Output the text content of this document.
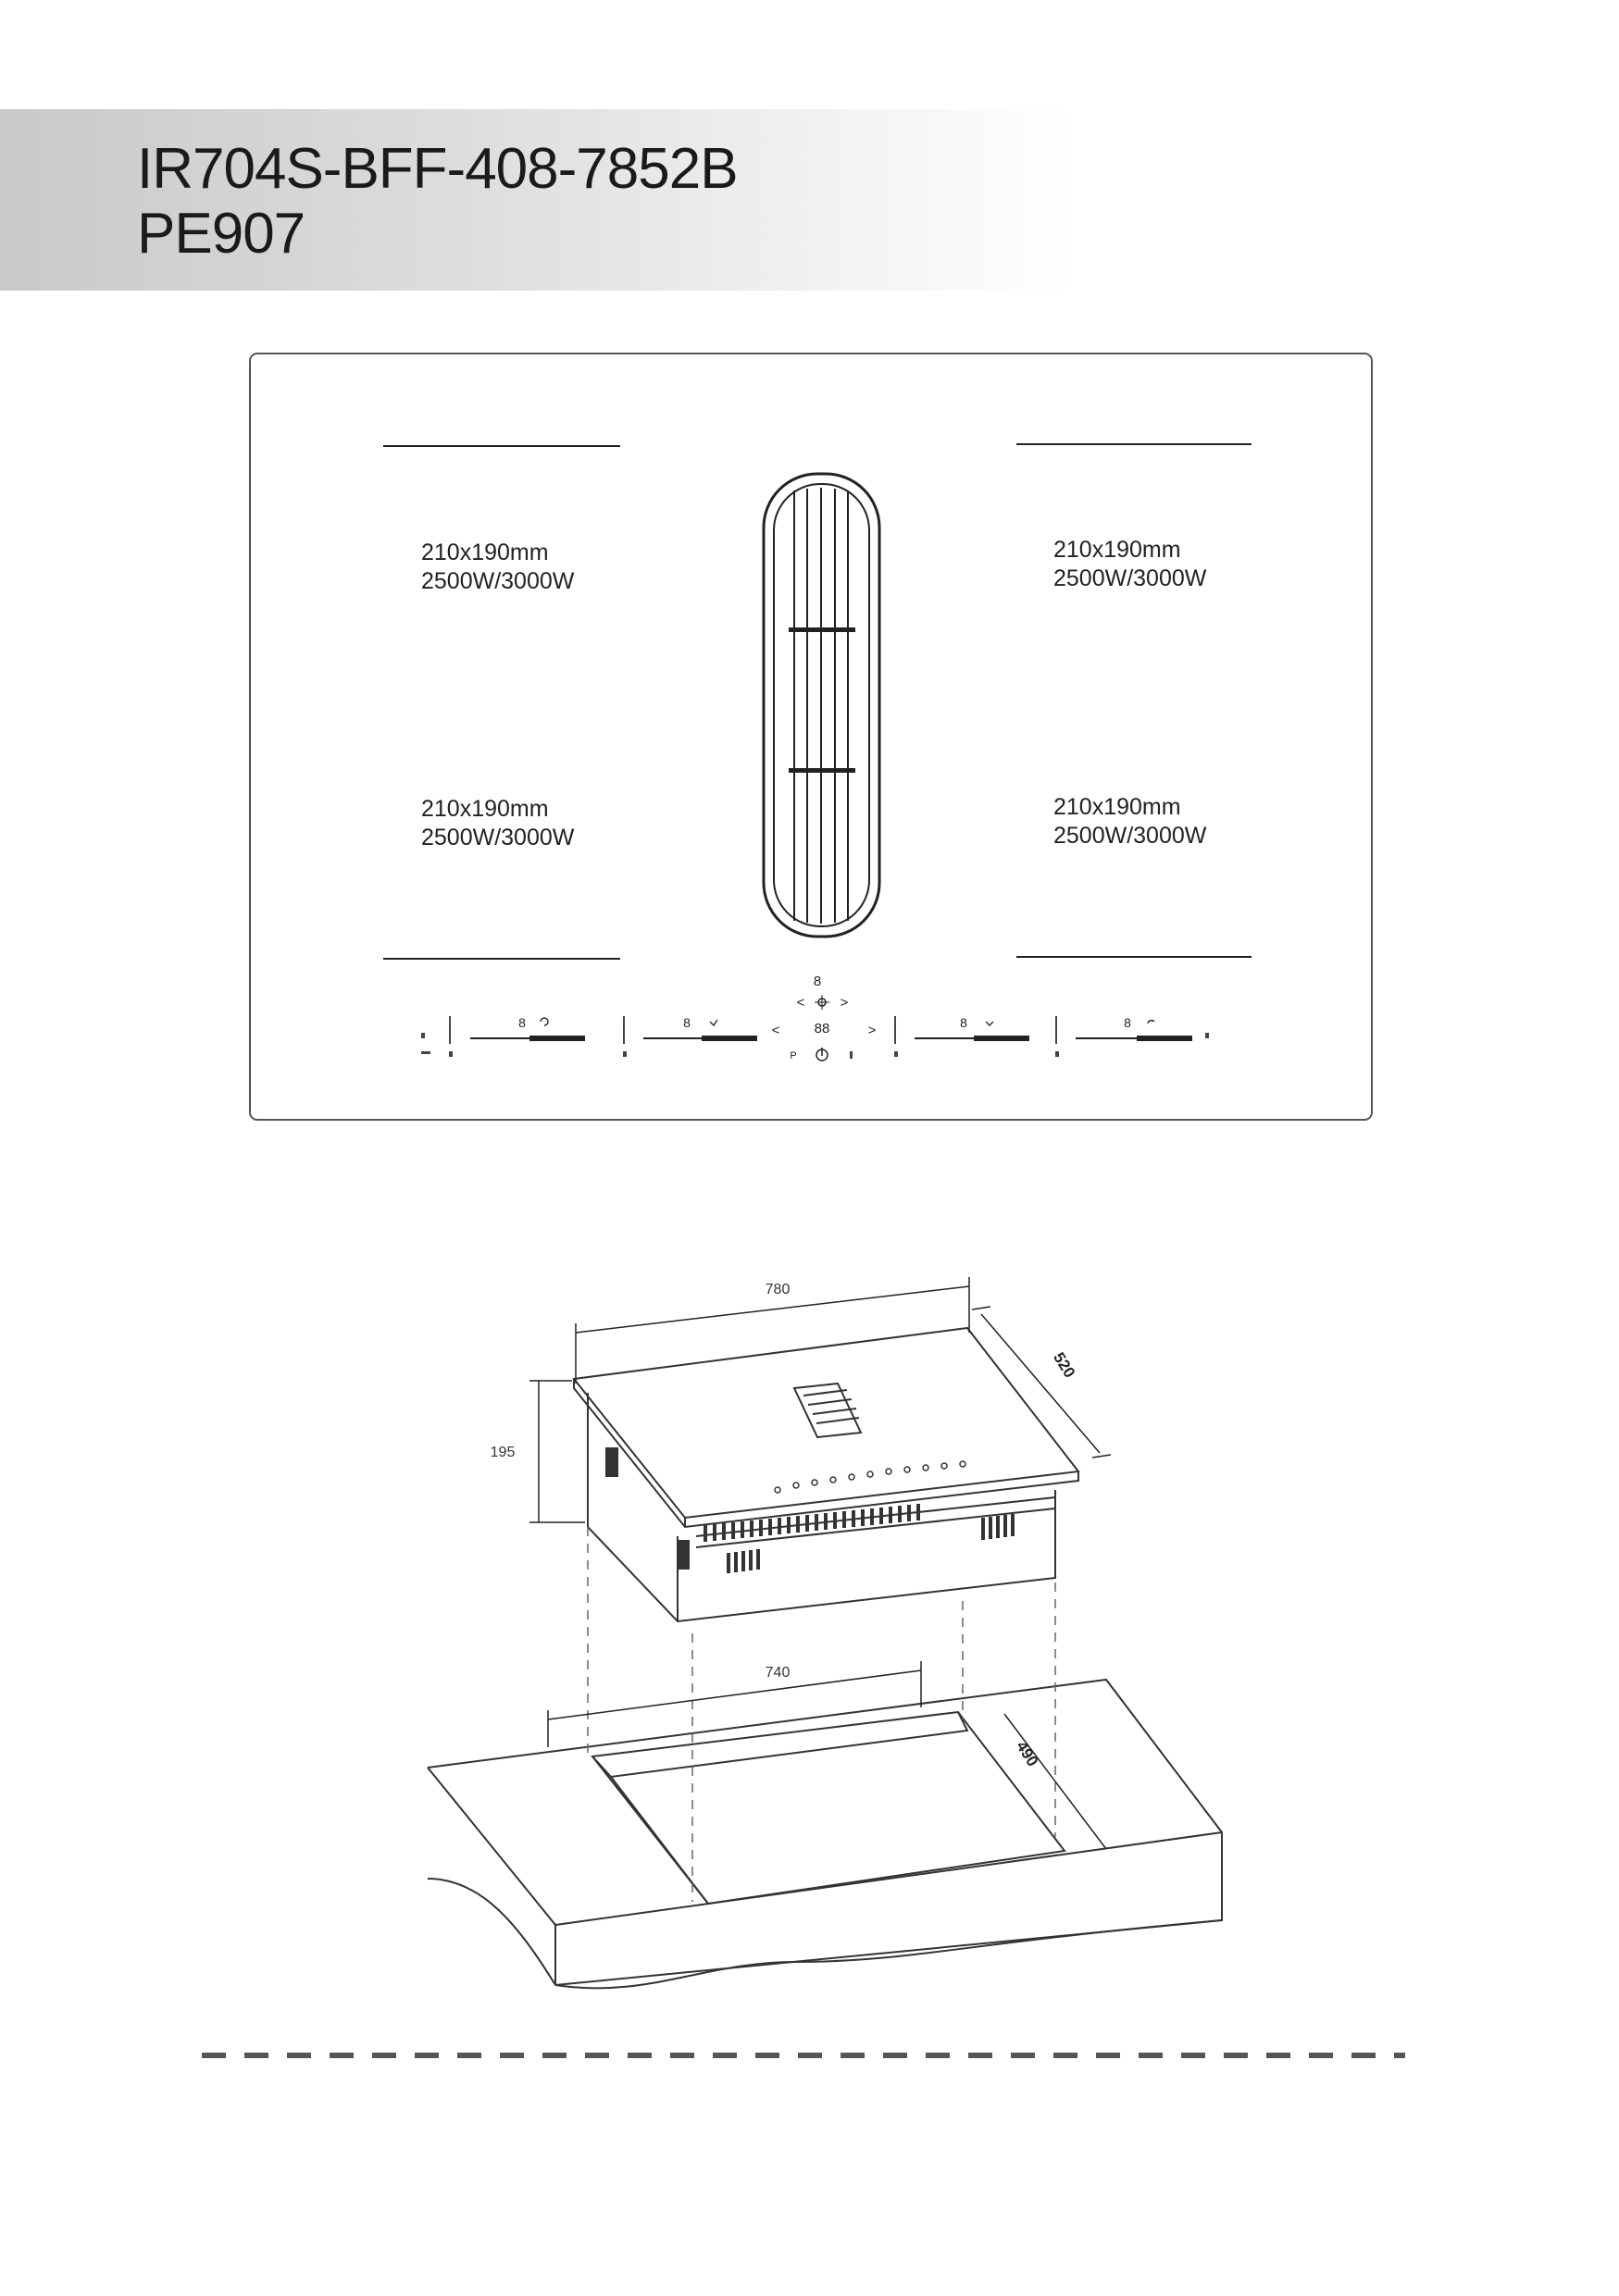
IR704S-BFF-408-7852B
PE907
210x190mm
2500W/3000W
210x190mm
2500W/3000W
210x190mm
2500W/3000W
210x190mm
2500W/3000W
8
<	>
88
<	>
P
8	8	8	8
780
520
195
740
490
